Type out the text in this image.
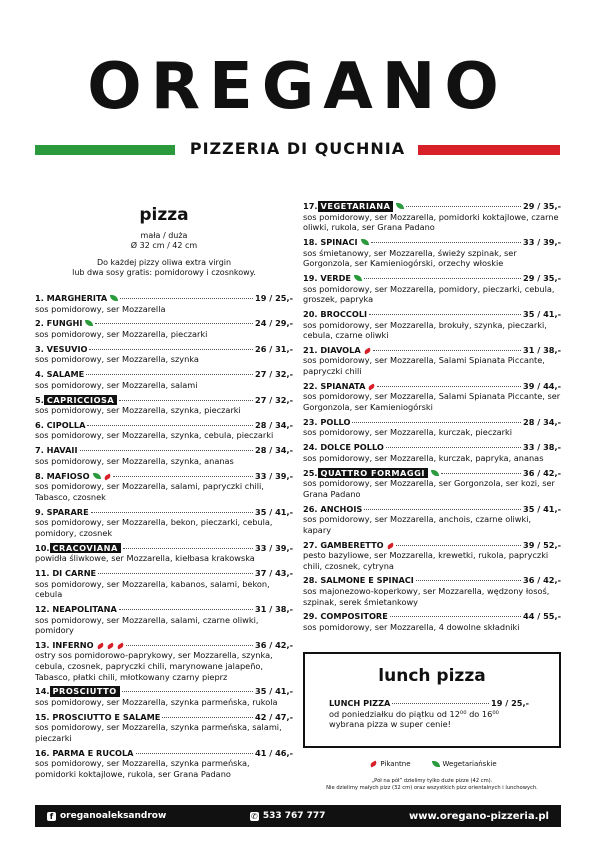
OREGANO
PIZZERIA DI QUCHNIA
pizza
mała / duża
Ø 32 cm / 42 cm
Do każdej pizzy oliwa extra virgin
lub dwa sosy gratis: pomidorowy i czosnkowy.
1. MARGHERITA	19 / 25,-
sos pomidorowy, ser Mozzarella
2. FUNGHI	24 / 29,-
sos pomidorowy, ser Mozzarella, pieczarki
3. VESUVIO	26 / 31,-
sos pomidorowy, ser Mozzarella, szynka
4. SALAME	27 / 32,-
sos pomidorowy, ser Mozzarella, salami
5. CAPRICCIOSA	27 / 32,-
sos pomidorowy, ser Mozzarella, szynka, pieczarki
6. CIPOLLA	28 / 34,-
sos pomidorowy, ser Mozzarella, szynka, cebula, pieczarki
7. HAVAII	28 / 34,-
sos pomidorowy, ser Mozzarella, szynka, ananas
8. MAFIOSO	33 / 39,-
sos pomidorowy, ser Mozzarella, salami, papryczki chili, Tabasco, czosnek
9. SPARARE	35 / 41,-
sos pomidorowy, ser Mozzarella, bekon, pieczarki, cebula, pomidory, czosnek
10. CRACOVIANA	33 / 39,-
powidła śliwkowe, ser Mozzarella, kiełbasa krakowska
11. DI CARNE	37 / 43,-
sos pomidorowy, ser Mozzarella, kabanos, salami, bekon, cebula
12. NEAPOLITANA	31 / 38,-
sos pomidorowy, ser Mozzarella, salami, czarne oliwki, pomidory
13. INFERNO	36 / 42,-
ostry sos pomidorowo-paprykowy, ser Mozzarella, szynka, cebula, czosnek, papryczki chili, marynowane jalapeño, Tabasco, płatki chili, młotkowany czarny pieprz
14. PROSCIUTTO	35 / 41,-
sos pomidorowy, ser Mozzarella, szynka parmeńska, rukola
15. PROSCIUTTO E SALAME	42 / 47,-
sos pomidorowy, ser Mozzarella, szynka parmeńska, salami, pieczarki
16. PARMA E RUCOLA	41 / 46,-
sos pomidorowy, ser Mozzarella, szynka parmeńska, pomidorki koktajlowe, rukola, ser Grana Padano
17. VEGETARIANA	29 / 35,-
sos pomidorowy, ser Mozzarella, pomidorki koktajlowe, czarne oliwki, rukola, ser Grana Padano
18. SPINACI	33 / 39,-
sos śmietanowy, ser Mozzarella, świeży szpinak, ser Gorgonzola, ser Kamieniogórski, orzechy włoskie
19. VERDE	29 / 35,-
sos pomidorowy, ser Mozzarella, pomidory, pieczarki, cebula, groszek, papryka
20. BROCCOLI	35 / 41,-
sos pomidorowy, ser Mozzarella, brokuły, szynka, pieczarki, cebula, czarne oliwki
21. DIAVOLA	31 / 38,-
sos pomidorowy, ser Mozzarella, Salami Spianata Piccante, papryczki chili
22. SPIANATA	39 / 44,-
sos pomidorowy, ser Mozzarella, Salami Spianata Piccante, ser Gorgonzola, ser Kamieniogórski
23. POLLO	28 / 34,-
sos pomidorowy, ser Mozzarella, kurczak, pieczarki
24. DOLCE POLLO	33 / 38,-
sos pomidorowy, ser Mozzarella, kurczak, papryka, ananas
25. QUATTRO FORMAGGI	36 / 42,-
sos pomidorowy, ser Mozzarella, ser Gorgonzola, ser kozi, ser Grana Padano
26. ANCHOIS	35 / 41,-
sos pomidorowy, ser Mozzarella, anchois, czarne oliwki, kapary
27. GAMBERETTO	39 / 52,-
pesto bazyliowe, ser Mozzarella, krewetki, rukola, papryczki chili, czosnek, cytryna
28. SALMONE E SPINACI	36 / 42,-
sos majonezowo-koperkowy, ser Mozzarella, wędzony łosoś, szpinak, serek śmietankowy
29. COMPOSITORE	44 / 55,-
sos pomidorowy, ser Mozzarella, 4 dowolne składniki
lunch pizza
LUNCH PIZZA	19 / 25,-
od poniedziałku do piątku od 12⁰⁰ do 16⁰⁰
wybrana pizza w super cenie!
Pikantne	Wegetariańskie
„Pół na pół” dzielimy tylko duże pizze (42 cm).
Nie dzielimy małych pizz (32 cm) oraz wszystkich pizz orientalnych i lunchowych.
f oreganoaleksandrow	✆ 533 767 777	www.oregano-pizzeria.pl
